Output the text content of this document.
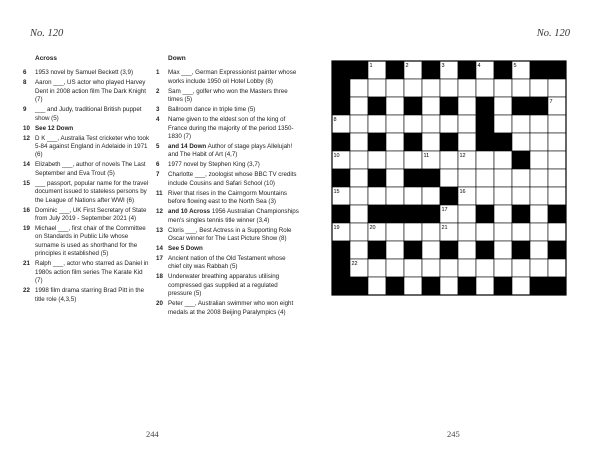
No. 120	No. 120
Across
6 1953 novel by Samuel Beckett (3,9)
8 Aaron ___, US actor who played Harvey Dent in 2008 action film The Dark Knight (7)
9 ___ and Judy, traditional British puppet show (5)
10 See 12 Down
12 D K ___, Australia Test cricketer who took 5-84 against England in Adelaide in 1971 (6)
14 Elizabeth ___, author of novels The Last September and Eva Trout (5)
15 ___ passport, popular name for the travel document issued to stateless persons by the League of Nations after WWI (6)
16 Dominic ___, UK First Secretary of State from July 2019 - September 2021 (4)
19 Michael ___, first chair of the Committee on Standards in Public Life whose surname is used as shorthand for the principles it established (5)
21 Ralph ___, actor who starred as Daniel in 1980s action film series The Karate Kid (7)
22 1998 film drama starring Brad Pitt in the title role (4,3,5)
Down
1 Max ___, German Expressionist painter whose works include 1950 oil Hotel Lobby (8)
2 Sam ___, golfer who won the Masters three times (5)
3 Ballroom dance in triple time (5)
4 Name given to the eldest son of the king of France during the majority of the period 1350-1830 (7)
5 and 14 Down Author of stage plays Allelujah! and The Habit of Art (4,7)
6 1977 novel by Stephen King (3,7)
7 Charlotte ___, zoologist whose BBC TV credits include Cousins and Safari School (10)
11 River that rises in the Cairngorm Mountains before flowing east to the North Sea (3)
12 and 10 Across 1956 Australian Championships men's singles tennis title winner (3,4)
13 Cloris ___, Best Actress in a Supporting Role Oscar winner for The Last Picture Show (8)
14 See 5 Down
17 Ancient nation of the Old Testament whose chief city was Rabbah (5)
18 Underwater breathing apparatus utilising compressed gas supplied at a regulated pressure (5)
20 Peter ___, Australian swimmer who won eight medals at the 2008 Beijing Paralympics (4)
1	2	3	4	5
6
7
8	9
10	11	12	13
14
15	16
17	18
19	20	21
22
244	245
